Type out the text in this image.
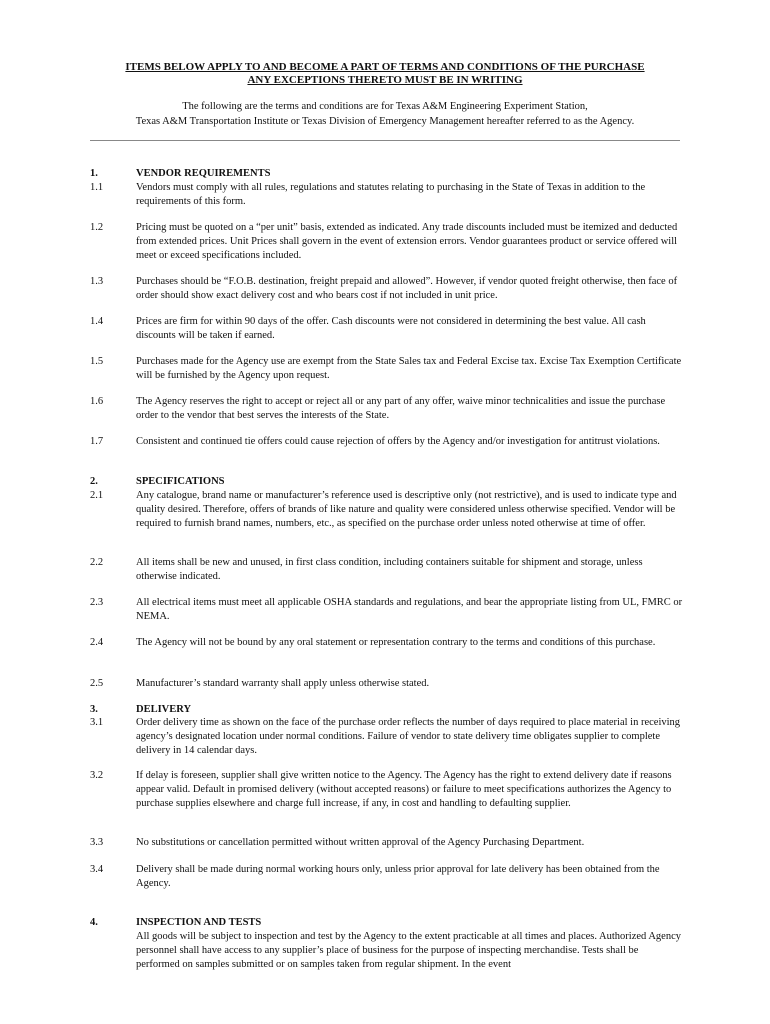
ITEMS BELOW APPLY TO AND BECOME A PART OF TERMS AND CONDITIONS OF THE PURCHASE
ANY EXCEPTIONS THERETO MUST BE IN WRITING
The following are the terms and conditions are for Texas A&M Engineering Experiment Station,
Texas A&M Transportation Institute or Texas Division of Emergency Management hereafter referred to as the Agency.
1.	VENDOR REQUIREMENTS
1.1	Vendors must comply with all rules, regulations and statutes relating to purchasing in the State of Texas in addition to the requirements of this form.
1.2	Pricing must be quoted on a “per unit” basis, extended as indicated. Any trade discounts included must be itemized and deducted from extended prices. Unit Prices shall govern in the event of extension errors. Vendor guarantees product or service offered will meet or exceed specifications included.
1.3	Purchases should be “F.O.B. destination, freight prepaid and allowed”. However, if vendor quoted freight otherwise, then face of order should show exact delivery cost and who bears cost if not included in unit price.
1.4	Prices are firm for within 90 days of the offer. Cash discounts were not considered in determining the best value. All cash discounts will be taken if earned.
1.5	Purchases made for the Agency use are exempt from the State Sales tax and Federal Excise tax. Excise Tax Exemption Certificate will be furnished by the Agency upon request.
1.6	The Agency reserves the right to accept or reject all or any part of any offer, waive minor technicalities and issue the purchase order to the vendor that best serves the interests of the State.
1.7	Consistent and continued tie offers could cause rejection of offers by the Agency and/or investigation for antitrust violations.
2.	SPECIFICATIONS
2.1	Any catalogue, brand name or manufacturer’s reference used is descriptive only (not restrictive), and is used to indicate type and quality desired. Therefore, offers of brands of like nature and quality were considered unless otherwise specified. Vendor will be required to furnish brand names, numbers, etc., as specified on the purchase order unless noted otherwise at time of offer.
2.2	All items shall be new and unused, in first class condition, including containers suitable for shipment and storage, unless otherwise indicated.
2.3	All electrical items must meet all applicable OSHA standards and regulations, and bear the appropriate listing from UL, FMRC or NEMA.
2.4	The Agency will not be bound by any oral statement or representation contrary to the terms and conditions of this purchase.
2.5	Manufacturer’s standard warranty shall apply unless otherwise stated.
3.	DELIVERY
3.1	Order delivery time as shown on the face of the purchase order reflects the number of days required to place material in receiving agency’s designated location under normal conditions. Failure of vendor to state delivery time obligates supplier to complete delivery in 14 calendar days.
3.2	If delay is foreseen, supplier shall give written notice to the Agency. The Agency has the right to extend delivery date if reasons appear valid. Default in promised delivery (without accepted reasons) or failure to meet specifications authorizes the Agency to purchase supplies elsewhere and charge full increase, if any, in cost and handling to defaulting supplier.
3.3	No substitutions or cancellation permitted without written approval of the Agency Purchasing Department.
3.4	Delivery shall be made during normal working hours only, unless prior approval for late delivery has been obtained from the Agency.
4.	INSPECTION AND TESTS
All goods will be subject to inspection and test by the Agency to the extent practicable at all times and places. Authorized Agency personnel shall have access to any supplier’s place of business for the purpose of inspecting merchandise. Tests shall be performed on samples submitted or on samples taken from regular shipment. In the event
